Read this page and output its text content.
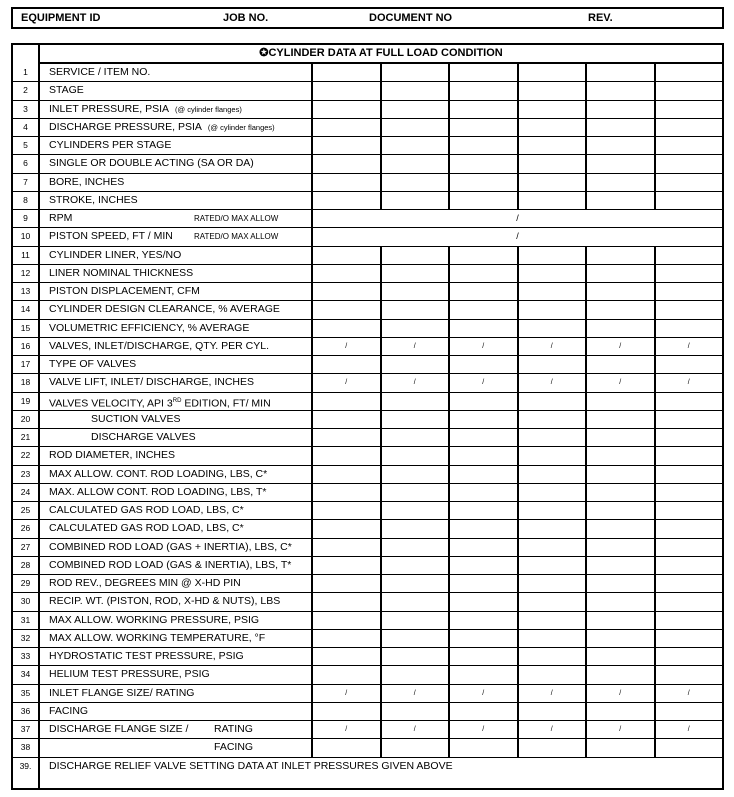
EQUIPMENT ID	JOB NO.	DOCUMENT NO	REV.
✪CYLINDER DATA AT FULL LOAD CONDITION
1	SERVICE / ITEM NO.
2	STAGE
3	INLET PRESSURE, PSIA (@ cylinder flanges)
4	DISCHARGE PRESSURE, PSIA (@ cylinder flanges)
5	CYLINDERS PER STAGE
6	SINGLE OR DOUBLE ACTING (SA OR DA)
7	BORE, INCHES
8	STROKE, INCHES
9	RPM	RATED/O MAX ALLOW	/
10	PISTON SPEED, FT / MIN	RATED/O MAX ALLOW	/
11	CYLINDER LINER, YES/NO
12	LINER NOMINAL THICKNESS
13	PISTON DISPLACEMENT, CFM
14	CYLINDER DESIGN CLEARANCE, % AVERAGE
15	VOLUMETRIC EFFICIENCY, % AVERAGE
16	VALVES, INLET/DISCHARGE, QTY. PER CYL.	/	/	/	/	/	/
17	TYPE OF VALVES
18	VALVE LIFT, INLET/ DISCHARGE, INCHES	/	/	/	/	/	/
19	VALVES VELOCITY, API 3RD EDITION, FT/ MIN
20	SUCTION VALVES
21	DISCHARGE VALVES
22	ROD DIAMETER, INCHES
23	MAX ALLOW. CONT. ROD LOADING, LBS, C*
24	MAX. ALLOW CONT. ROD LOADING, LBS, T*
25	CALCULATED GAS ROD LOAD, LBS, C*
26	CALCULATED GAS ROD LOAD, LBS, C*
27	COMBINED ROD LOAD (GAS + INERTIA), LBS, C*
28	COMBINED ROD LOAD (GAS & INERTIA), LBS, T*
29	ROD REV., DEGREES MIN @ X-HD PIN
30	RECIP. WT. (PISTON, ROD, X-HD & NUTS), LBS
31	MAX ALLOW. WORKING PRESSURE, PSIG
32	MAX ALLOW. WORKING TEMPERATURE, °F
33	HYDROSTATIC TEST PRESSURE, PSIG
34	HELIUM TEST PRESSURE, PSIG
35	INLET FLANGE SIZE/ RATING	/	/	/	/	/	/
36	FACING
37	DISCHARGE FLANGE SIZE / RATING	/	/	/	/	/	/
38	FACING
39.	DISCHARGE RELIEF VALVE SETTING DATA AT INLET PRESSURES GIVEN ABOVE
